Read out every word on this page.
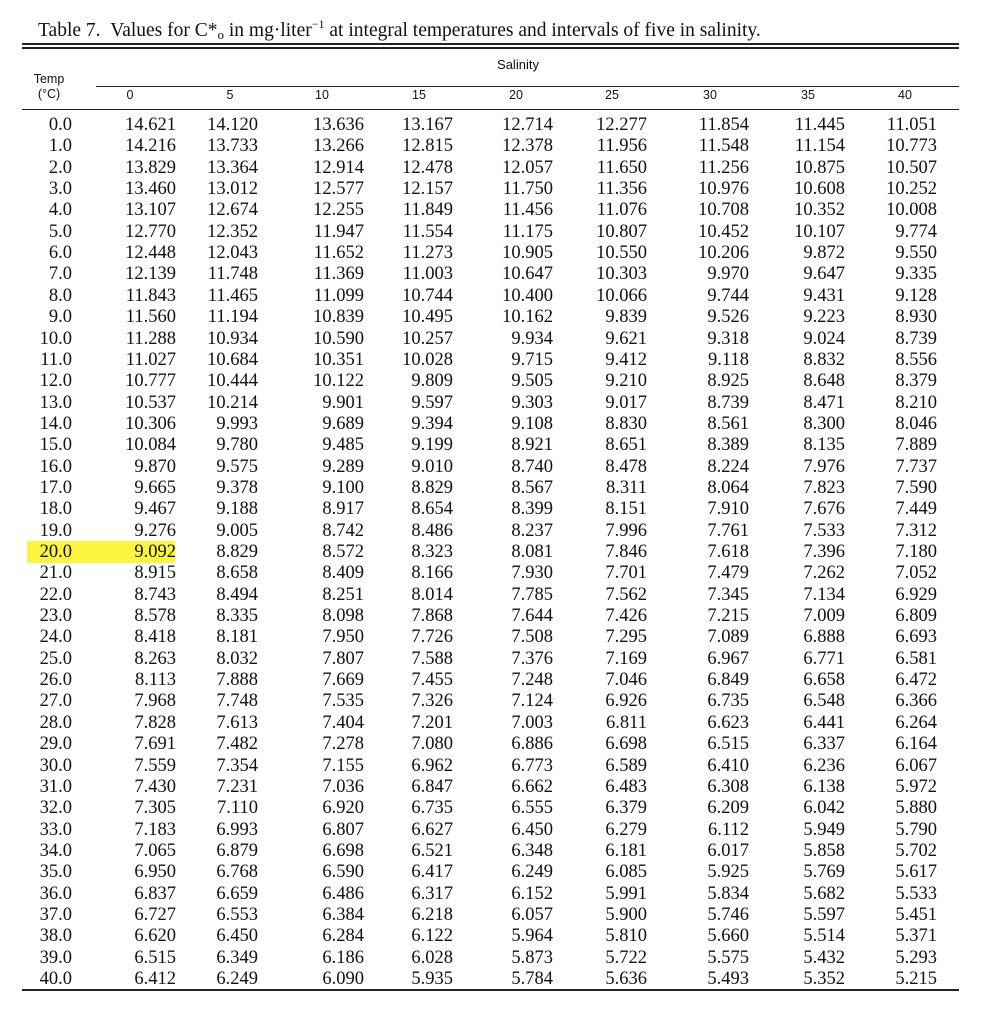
Table 7. Values for $C*_o$ in mg·liter$^{-1}$ at integral temperatures and intervals of five in salinity.
Salinity
Temp
(°C)	0	5	10	15	20	25	30	35	40
0.0	14.621	14.120	13.636	13.167	12.714	12.277	11.854	11.445	11.051
1.0	14.216	13.733	13.266	12.815	12.378	11.956	11.548	11.154	10.773
2.0	13.829	13.364	12.914	12.478	12.057	11.650	11.256	10.875	10.507
3.0	13.460	13.012	12.577	12.157	11.750	11.356	10.976	10.608	10.252
4.0	13.107	12.674	12.255	11.849	11.456	11.076	10.708	10.352	10.008
5.0	12.770	12.352	11.947	11.554	11.175	10.807	10.452	10.107	9.774
6.0	12.448	12.043	11.652	11.273	10.905	10.550	10.206	9.872	9.550
7.0	12.139	11.748	11.369	11.003	10.647	10.303	9.970	9.647	9.335
8.0	11.843	11.465	11.099	10.744	10.400	10.066	9.744	9.431	9.128
9.0	11.560	11.194	10.839	10.495	10.162	9.839	9.526	9.223	8.930
10.0	11.288	10.934	10.590	10.257	9.934	9.621	9.318	9.024	8.739
11.0	11.027	10.684	10.351	10.028	9.715	9.412	9.118	8.832	8.556
12.0	10.777	10.444	10.122	9.809	9.505	9.210	8.925	8.648	8.379
13.0	10.537	10.214	9.901	9.597	9.303	9.017	8.739	8.471	8.210
14.0	10.306	9.993	9.689	9.394	9.108	8.830	8.561	8.300	8.046
15.0	10.084	9.780	9.485	9.199	8.921	8.651	8.389	8.135	7.889
16.0	9.870	9.575	9.289	9.010	8.740	8.478	8.224	7.976	7.737
17.0	9.665	9.378	9.100	8.829	8.567	8.311	8.064	7.823	7.590
18.0	9.467	9.188	8.917	8.654	8.399	8.151	7.910	7.676	7.449
19.0	9.276	9.005	8.742	8.486	8.237	7.996	7.761	7.533	7.312
20.0	9.092	8.829	8.572	8.323	8.081	7.846	7.618	7.396	7.180
21.0	8.915	8.658	8.409	8.166	7.930	7.701	7.479	7.262	7.052
22.0	8.743	8.494	8.251	8.014	7.785	7.562	7.345	7.134	6.929
23.0	8.578	8.335	8.098	7.868	7.644	7.426	7.215	7.009	6.809
24.0	8.418	8.181	7.950	7.726	7.508	7.295	7.089	6.888	6.693
25.0	8.263	8.032	7.807	7.588	7.376	7.169	6.967	6.771	6.581
26.0	8.113	7.888	7.669	7.455	7.248	7.046	6.849	6.658	6.472
27.0	7.968	7.748	7.535	7.326	7.124	6.926	6.735	6.548	6.366
28.0	7.828	7.613	7.404	7.201	7.003	6.811	6.623	6.441	6.264
29.0	7.691	7.482	7.278	7.080	6.886	6.698	6.515	6.337	6.164
30.0	7.559	7.354	7.155	6.962	6.773	6.589	6.410	6.236	6.067
31.0	7.430	7.231	7.036	6.847	6.662	6.483	6.308	6.138	5.972
32.0	7.305	7.110	6.920	6.735	6.555	6.379	6.209	6.042	5.880
33.0	7.183	6.993	6.807	6.627	6.450	6.279	6.112	5.949	5.790
34.0	7.065	6.879	6.698	6.521	6.348	6.181	6.017	5.858	5.702
35.0	6.950	6.768	6.590	6.417	6.249	6.085	5.925	5.769	5.617
36.0	6.837	6.659	6.486	6.317	6.152	5.991	5.834	5.682	5.533
37.0	6.727	6.553	6.384	6.218	6.057	5.900	5.746	5.597	5.451
38.0	6.620	6.450	6.284	6.122	5.964	5.810	5.660	5.514	5.371
39.0	6.515	6.349	6.186	6.028	5.873	5.722	5.575	5.432	5.293
40.0	6.412	6.249	6.090	5.935	5.784	5.636	5.493	5.352	5.215
